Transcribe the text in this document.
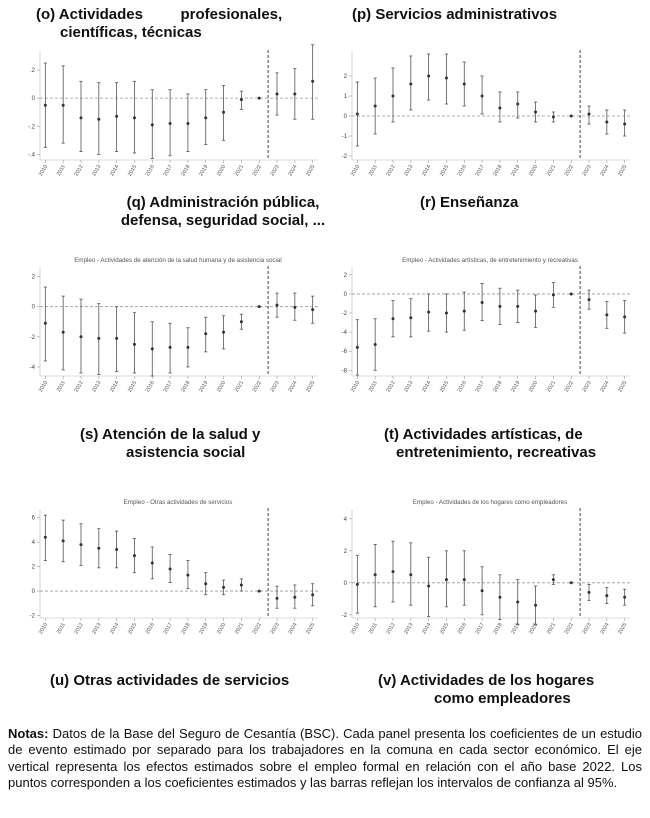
(o) Actividades         profesionales,
científicas, técnicas
(p) Servicios administrativos
-.4
-.2
0
.2
2010 2011 2012 2013 2014 2015 2016 2017 2018 2019 2020 2021 2022 2023 2024 2025
-2
-1
0
1
2
2010 2011 2012 2013 2014 2015 2016 2017 2018 2019 2020 2021 2022 2023 2024 2025
(q) Administración pública,
defensa, seguridad social, ...
(r) Enseñanza
Empleo - Actividades de atención de la salud humana y de asistencia social
-4
-2
0
2
2010 2011 2012 2013 2014 2015 2016 2017 2018 2019 2020 2021 2022 2023 2024 2025
Empleo - Actividades artísticas, de entretenimiento y recreativas
-8
-6
-4
-2
0
2
2010 2011 2012 2013 2014 2015 2016 2017 2018 2019 2020 2021 2022 2023 2024 2025
(s) Atención de la salud y
asistencia social
(t) Actividades artísticas, de
entretenimiento, recreativas
Empleo - Otras actividades de servicios
-2
0
2
4
6
2010 2011 2012 2013 2014 2015 2016 2017 2018 2019 2020 2021 2022 2023 2024 2025
Empleo - Actividades de los hogares como empleadores
-2
0
2
4
2010 2011 2012 2013 2014 2015 2016 2017 2018 2019 2020 2021 2022 2023 2024 2025
(u) Otras actividades de servicios	(v) Actividades de los hogares
como empleadores
Notas: Datos de la Base del Seguro de Cesantía (BSC). Cada panel presenta los coeficientes de un estudio de evento estimado por separado para los trabajadores en la comuna en cada sector económico. El eje vertical representa los efectos estimados sobre el empleo formal en relación con el año base 2022. Los puntos corresponden a los coeficientes estimados y las barras reflejan los intervalos de confianza al 95%.
